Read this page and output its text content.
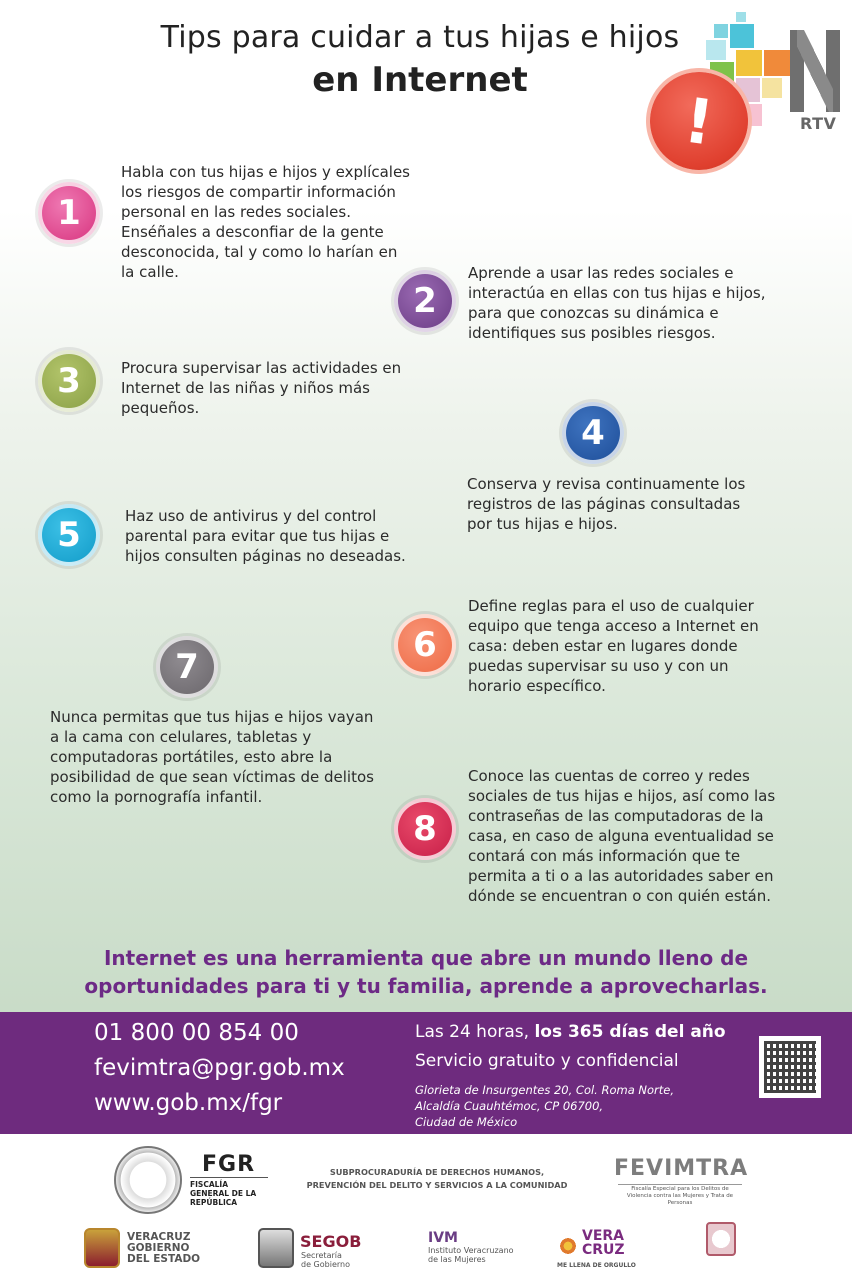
Tips para cuidar a tus hijas e hijos
en Internet
RTV
!
1
2
3
4
5
6
7
8
Habla con tus hijas e hijos y explícales los riesgos de compartir información personal en las redes sociales. Enséñales a desconfiar de la gente desconocida, tal y como lo harían en la calle.	Aprende a usar las redes sociales e interactúa en ellas con tus hijas e hijos, para que conozcas su dinámica e identifiques sus posibles riesgos.
Procura supervisar las actividades en Internet de las niñas y niños más pequeños.
Conserva y revisa continuamente los registros de las páginas consultadas por tus hijas e hijos.
Haz uso de antivirus y del control parental para evitar que tus hijas e hijos consulten páginas no deseadas.
Define reglas para el uso de cualquier equipo que tenga acceso a Internet en casa: deben estar en lugares donde puedas supervisar su uso y con un horario específico.
Nunca permitas que tus hijas e hijos vayan a la cama con celulares, tabletas y computadoras portátiles, esto abre la posibilidad de que sean víctimas de delitos como la pornografía infantil.
Conoce las cuentas de correo y redes sociales de tus hijas e hijos, así como las contraseñas de las computadoras de la casa, en caso de alguna eventualidad se contará con más información que te permita a ti o a las autoridades saber en dónde se encuentran o con quién están.
Internet es una herramienta que abre un mundo lleno de
oportunidades para ti y tu familia, aprende a aprovecharlas.
01 800 00 854 00
fevimtra@pgr.gob.mx
www.gob.mx/fgr
Las 24 horas, los 365 días del año
Servicio gratuito y confidencial
Glorieta de Insurgentes 20, Col. Roma Norte,
Alcaldía Cuauhtémoc, CP 06700,
Ciudad de México
FGR
FISCALÍA GENERAL DE LA REPÚBLICA
SUBPROCURADURÍA DE DERECHOS HUMANOS,
PREVENCIÓN DEL DELITO Y SERVICIOS A LA COMUNIDAD
FEVIMTRA
Fiscalía Especial para los Delitos de Violencia contra las Mujeres y Trata de Personas
VERACRUZ
GOBIERNO
DEL ESTADO
SEGOB
Secretaría
de Gobierno
IVM
Instituto Veracruzano
de las Mujeres
VERA
CRUZ
ME LLENA DE ORGULLO
